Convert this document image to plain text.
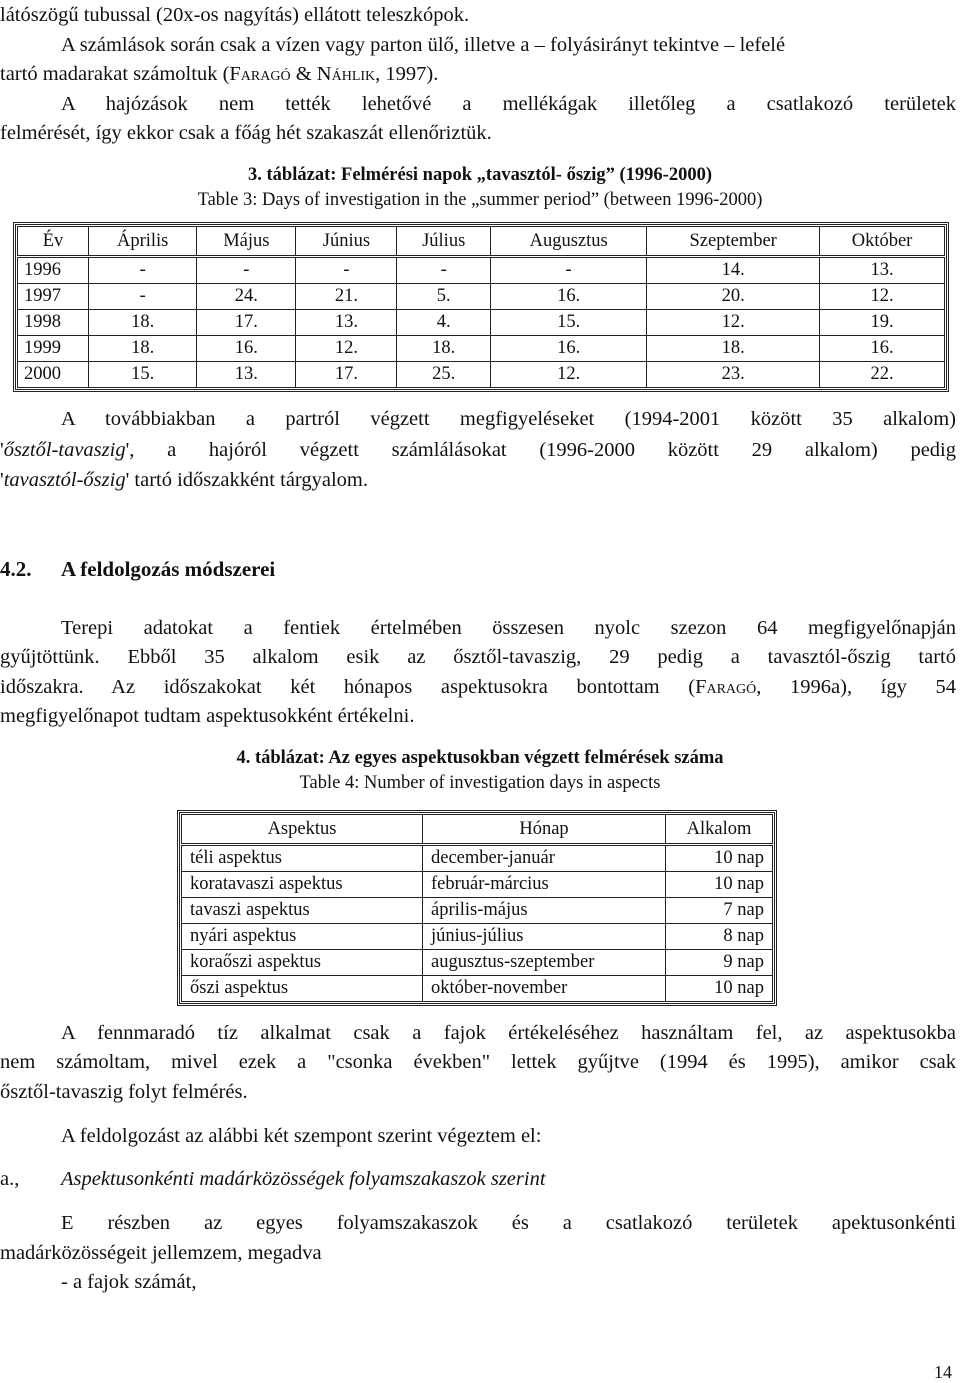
látószögű tubussal (20x-os nagyítás) ellátott teleszkópok.
A számlások során csak a vízen vagy parton ülő, illetve a – folyásirányt tekintve – lefelé
tartó madarakat számoltuk (Faragó & Náhlik, 1997).
A hajózások nem tették lehetővé a mellékágak illetőleg a csatlakozó területek
felmérését, így ekkor csak a főág hét szakaszát ellenőriztük.
3. táblázat: Felmérési napok „tavasztól- őszig” (1996-2000)
Table 3: Days of investigation in the „summer period” (between 1996-2000)
Év	Április	Május	Június	Július	Augusztus	Szeptember	Október
1996	-	-	-	-	-	14.	13.
1997	-	24.	21.	5.	16.	20.	12.
1998	18.	17.	13.	4.	15.	12.	19.
1999	18.	16.	12.	18.	16.	18.	16.
2000	15.	13.	17.	25.	12.	23.	22.
A továbbiakban a partról végzett megfigyeléseket (1994-2001 között 35 alkalom)
'ősztől-tavaszig', a hajóról végzett számlálásokat (1996-2000 között 29 alkalom) pedig
'tavasztól-őszig' tartó időszakként tárgyalom.
4.2. A feldolgozás módszerei
Terepi adatokat a fentiek értelmében összesen nyolc szezon 64 megfigyelőnapján
gyűjtöttünk. Ebből 35 alkalom esik az ősztől-tavaszig, 29 pedig a tavasztól-őszig tartó
időszakra. Az időszakokat két hónapos aspektusokra bontottam (Faragó, 1996a), így 54
megfigyelőnapot tudtam aspektusokként értékelni.
4. táblázat: Az egyes aspektusokban végzett felmérések száma
Table 4: Number of investigation days in aspects
Aspektus	Hónap	Alkalom
téli aspektus	december-január	10 nap
koratavaszi aspektus	február-március	10 nap
tavaszi aspektus	április-május	7 nap
nyári aspektus	június-július	8 nap
koraőszi aspektus	augusztus-szeptember	9 nap
őszi aspektus	október-november	10 nap
A fennmaradó tíz alkalmat csak a fajok értékeléséhez használtam fel, az aspektusokba
nem számoltam, mivel ezek a "csonka években" lettek gyűjtve (1994 és 1995), amikor csak
ősztől-tavaszig folyt felmérés.
A feldolgozást az alábbi két szempont szerint végeztem el:
a., Aspektusonkénti madárközösségek folyamszakaszok szerint
E részben az egyes folyamszakaszok és a csatlakozó területek apektusonkénti
madárközösségeit jellemzem, megadva
- a fajok számát,
14
